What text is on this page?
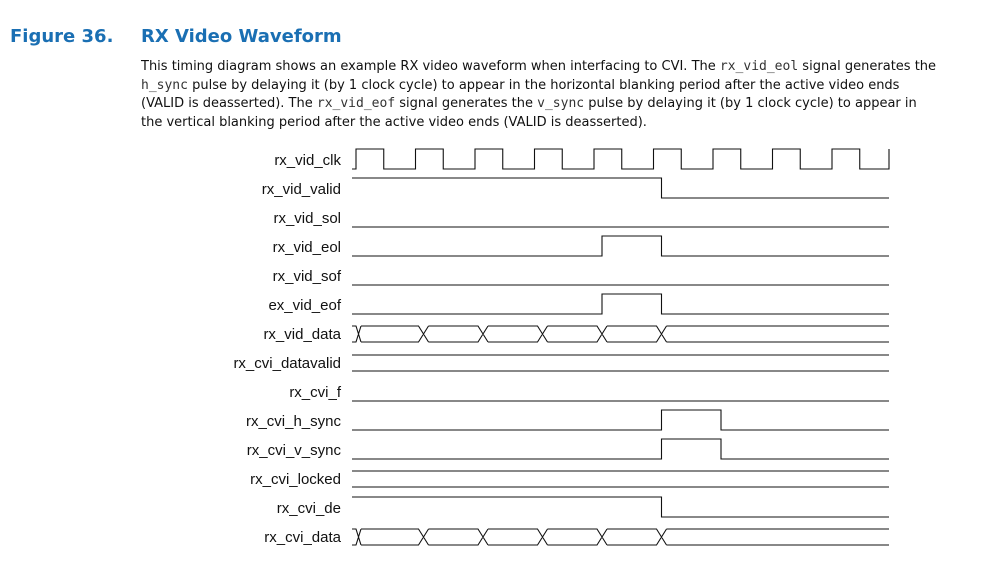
Figure 36. RX Video Waveform
This timing diagram shows an example RX video waveform when interfacing to CVI. The rx_vid_eol signal generates the h_sync pulse by delaying it (by 1 clock cycle) to appear in the horizontal blanking period after the active video ends (VALID is deasserted). The rx_vid_eof signal generates the v_sync pulse by delaying it (by 1 clock cycle) to appear in the vertical blanking period after the active video ends (VALID is deasserted).
rx_vid_clk
rx_vid_valid
rx_vid_sol
rx_vid_eol
rx_vid_sof
ex_vid_eof
rx_vid_data
rx_cvi_datavalid
rx_cvi_f
rx_cvi_h_sync
rx_cvi_v_sync
rx_cvi_locked
rx_cvi_de
rx_cvi_data
